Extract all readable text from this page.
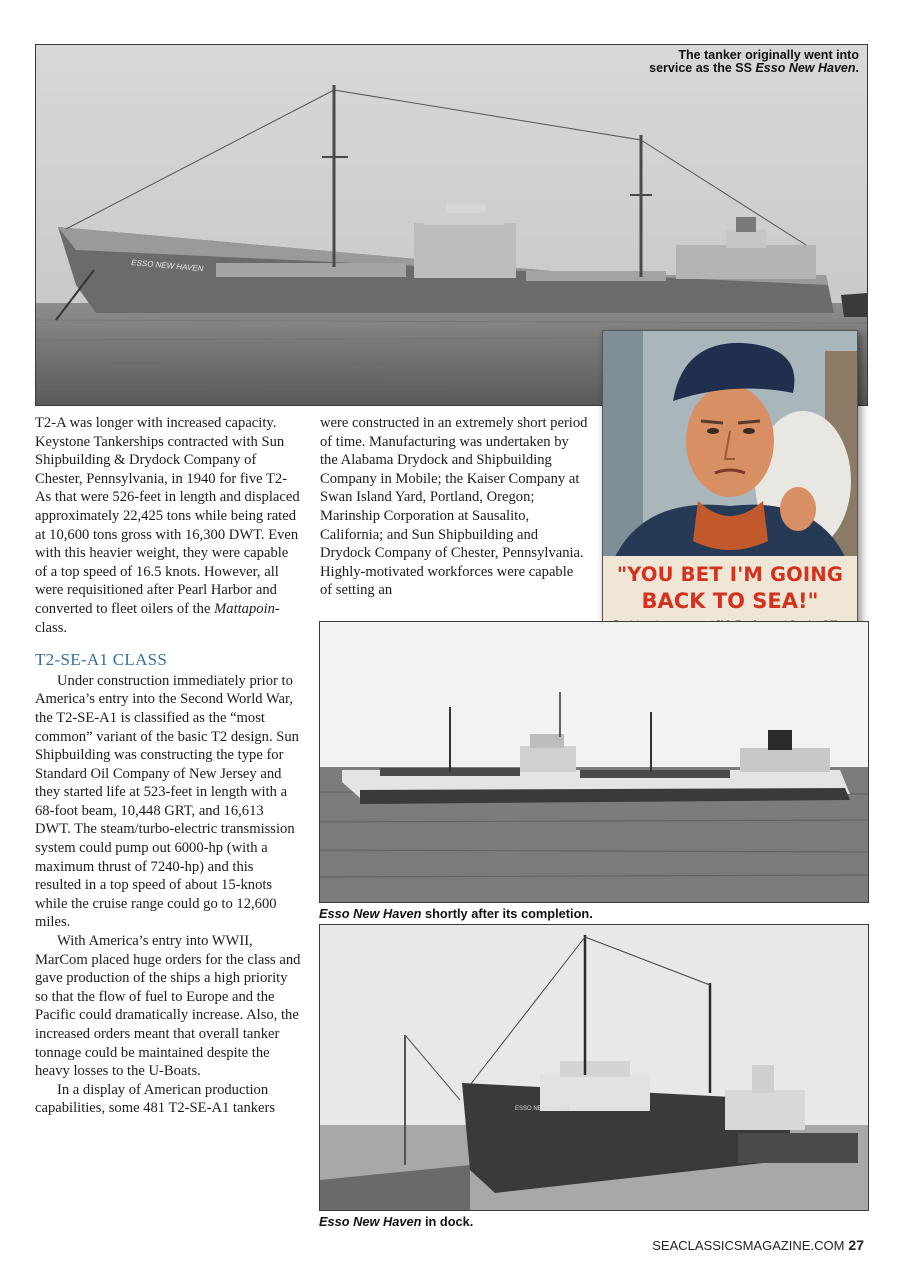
ESSO NEW HAVEN
The tanker originally went into
service as the SS Esso New Haven.

T2-A was longer with increased capacity. Keystone Tankerships contracted with Sun Shipbuilding & Drydock Company of Chester, Pennsylvania, in 1940 for five T2-As that were 526-feet in length and displaced approximately 22,425 tons while being rated at 10,600 tons gross with 16,300 DWT. Even with this heavier weight, they were capable of a top speed of 16.5 knots. However, all were requisitioned after Pearl Harbor and converted to fleet oilers of the Mattapoin-class.

T2-SE-A1 CLASS

Under construction immediately prior to America’s entry into the Second World War, the T2-SE-A1 is classified as the “most common” variant of the basic T2 design. Sun Shipbuilding was constructing the type for Standard Oil Company of New Jersey and they started life at 523-feet in length with a 68-foot beam, 10,448 GRT, and 16,613 DWT. The steam/turbo-electric transmission system could pump out 6000-hp (with a maximum thrust of 7240-hp) and this resulted in a top speed of about 15-knots while the cruise range could go to 12,600 miles.

With America’s entry into WWII, MarCom placed huge orders for the class and gave production of the ships a high priority so that the flow of fuel to Europe and the Pacific could dramatically increase. Also, the increased orders meant that overall tanker tonnage could be maintained despite the heavy losses to the U-Boats.

In a display of American production capabilities, some 481 T2-SE-A1 tankers

were constructed in an extremely short period of time. Manufacturing was undertaken by the Alabama Drydock and Shipbuilding Company in Mobile; the Kaiser Company at Swan Island Yard, Portland, Oregon; Marinship Corporation at Sausalito, California; and Sun Shipbuilding and Drydock Company of Chester, Pennsylvania. Highly-motivated workforces were capable of setting an

"YOU BET I'M GOING
BACK TO SEA!"
Esso New Haven shortly after its completion.
ESSO NEW HAVEN
Esso New Haven in dock.
SEACLASSICSMAGAZINE.COM 27
